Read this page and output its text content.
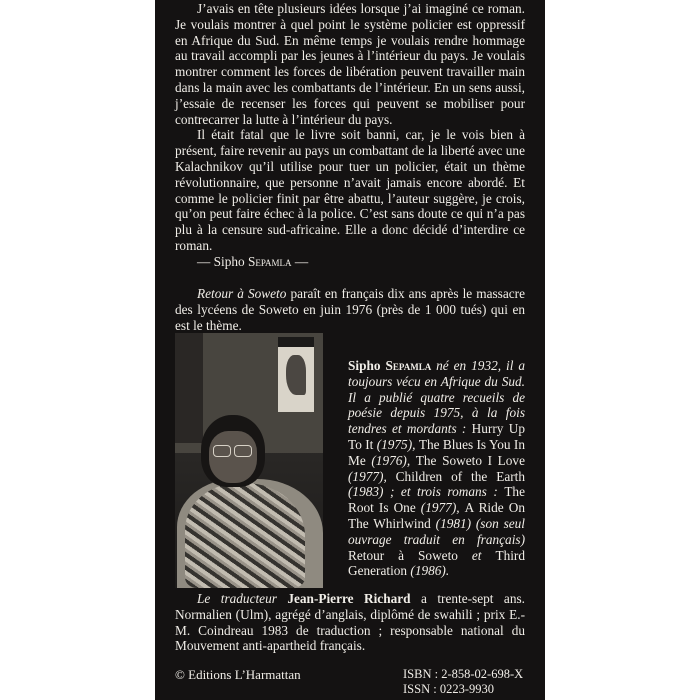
J’avais en tête plusieurs idées lorsque j’ai imaginé ce roman. Je voulais montrer à quel point le système policier est oppressif en Afrique du Sud. En même temps je voulais rendre hommage au travail accompli par les jeunes à l’intérieur du pays. Je voulais montrer comment les forces de libération peuvent travailler main dans la main avec les combattants de l’intérieur. En un sens aussi, j’essaie de recenser les forces qui peuvent se mobiliser pour contrecarrer la lutte à l’intérieur du pays.

Il était fatal que le livre soit banni, car, je le vois bien à présent, faire revenir au pays un combattant de la liberté avec une Kalachnikov qu’il utilise pour tuer un policier, était un thème révolutionnaire, que personne n’avait jamais encore abordé. Et comme le policier finit par être abattu, l’auteur suggère, je crois, qu’on peut faire échec à la police. C’est sans doute ce qui n’a pas plu à la censure sud-africaine. Elle a donc décidé d’interdire ce roman.

— Sipho Sepamla —

Retour à Soweto paraît en français dix ans après le massacre des lycéens de Soweto en juin 1976 (près de 1 000 tués) qui en est le thème.

Sipho Sepamla né en 1932, il a toujours vécu en Afrique du Sud. Il a publié quatre recueils de poésie depuis 1975, à la fois tendres et mordants : Hurry Up To It (1975), The Blues Is You In Me (1976), The Soweto I Love (1977), Children of the Earth (1983) ; et trois romans : The Root Is One (1977), A Ride On The Whirlwind (1981) (son seul ouvrage traduit en français) Retour à Soweto et Third Generation (1986).

Le traducteur Jean-Pierre Richard a trente-sept ans. Normalien (Ulm), agrégé d’anglais, diplômé de swahili ; prix E.-M. Coindreau 1983 de traduction ; responsable national du Mouvement anti-apartheid français.

© Editions L’Harmattan	ISBN : 2-858-02-698-X
ISSN : 0223-9930
